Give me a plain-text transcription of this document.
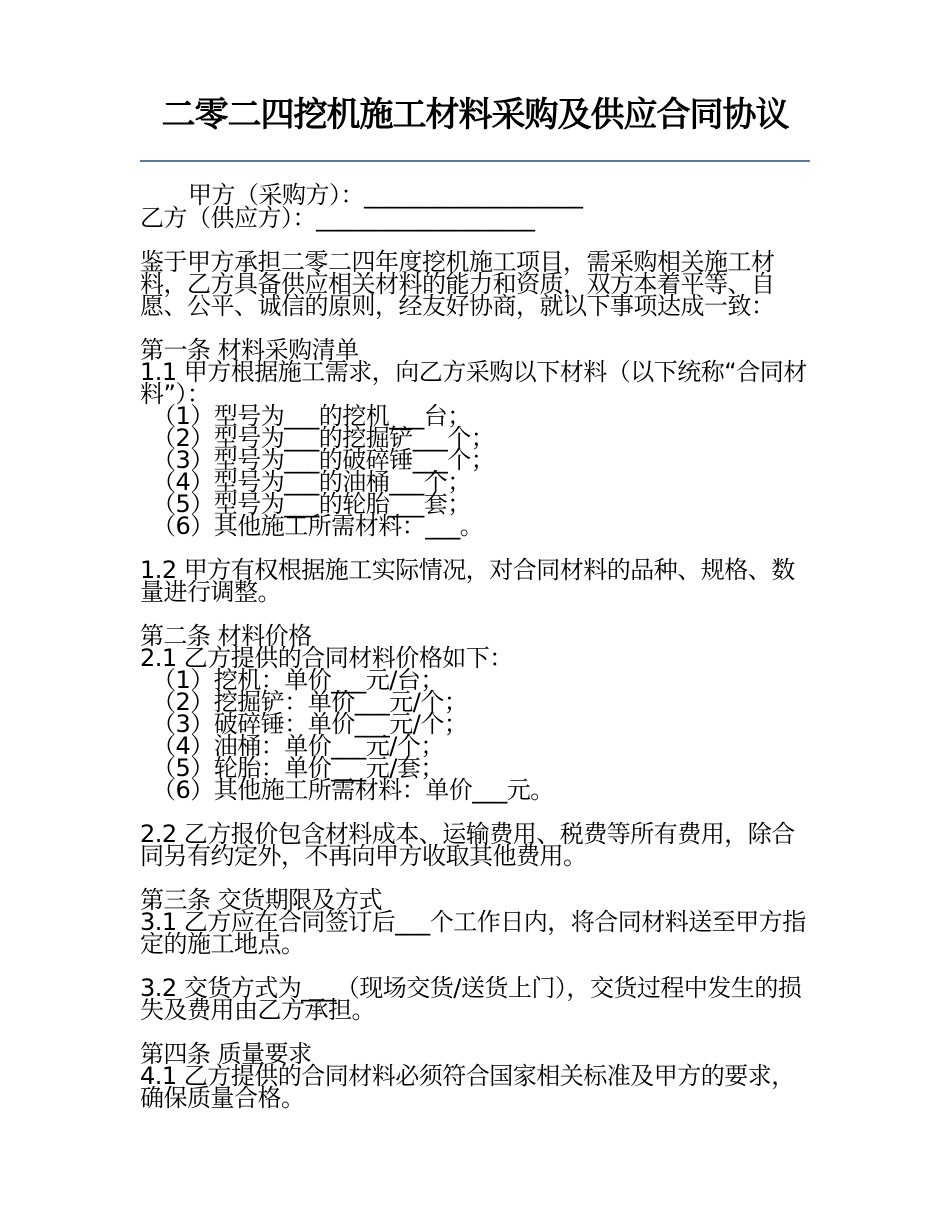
二零二四挖机施工材料采购及供应合同协议
甲方（采购方）：___________________
乙方（供应方）：___________________

鉴于甲方承担二零二四年度挖机施工项目，需采购相关施工材料，乙方具备供应相关材料的能力和资质，双方本着平等、自愿、公平、诚信的原则，经友好协商，就以下事项达成一致：

第一条 材料采购清单

1.1 甲方根据施工需求，向乙方采购以下材料（以下统称“合同材料”）：

（1）型号为___的挖机___台；
（2）型号为___的挖掘铲___个；
（3）型号为___的破碎锤___个；
（4）型号为___的油桶___个；
（5）型号为___的轮胎___套；
（6）其他施工所需材料：___。

1.2 甲方有权根据施工实际情况，对合同材料的品种、规格、数量进行调整。

第二条 材料价格
2.1 乙方提供的合同材料价格如下：
（1）挖机：单价___元/台；
（2）挖掘铲：单价___元/个；
（3）破碎锤：单价___元/个；
（4）油桶：单价___元/个；
（5）轮胎：单价___元/套；
（6）其他施工所需材料：单价___元。

2.2 乙方报价包含材料成本、运输费用、税费等所有费用，除合同另有约定外，不再向甲方收取其他费用。

第三条 交货期限及方式

3.1 乙方应在合同签订后___个工作日内，将合同材料送至甲方指定的施工地点。

3.2 交货方式为___（现场交货/送货上门），交货过程中发生的损失及费用由乙方承担。

第四条 质量要求

4.1 乙方提供的合同材料必须符合国家相关标准及甲方的要求，确保质量合格。
